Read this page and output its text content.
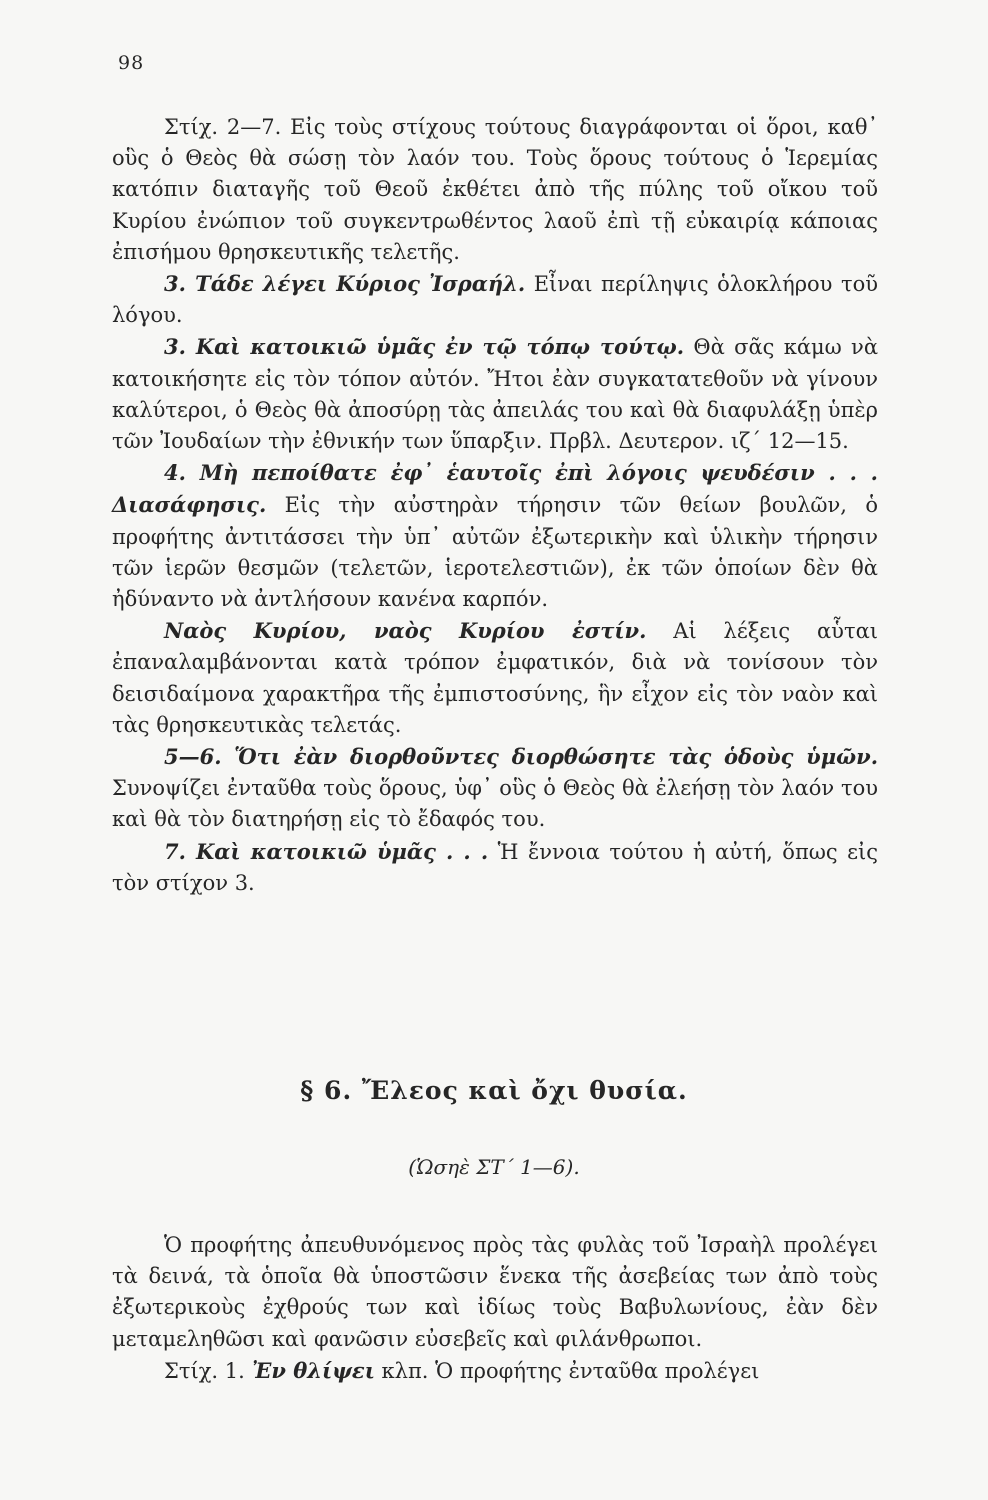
98

Στίχ. 2—7. Εἰς τοὺς στίχους τούτους διαγράφονται οἱ ὅροι, καθ᾽ οὓς ὁ Θεὸς θὰ σώσῃ τὸν λαόν του. Τοὺς ὅρους τούτους ὁ Ἱερεμίας κατόπιν διαταγῆς τοῦ Θεοῦ ἐκθέτει ἀπὸ τῆς πύλης τοῦ οἴκου τοῦ Κυρίου ἐνώπιον τοῦ συγκεντρωθέντος λαοῦ ἐπὶ τῇ εὐκαιρίᾳ κάποιας ἐπισήμου θρησκευτικῆς τελετῆς.

3. Τάδε λέγει Κύριος Ἰσραήλ. Εἶναι περίληψις ὁλοκλήρου τοῦ λόγου.

3. Καὶ κατοικιῶ ὑμᾶς ἐν τῷ τόπῳ τούτῳ. Θὰ σᾶς κάμω νὰ κατοικήσητε εἰς τὸν τόπον αὐτόν. Ἤτοι ἐὰν συγκατατεθοῦν νὰ γίνουν καλύτεροι, ὁ Θεὸς θὰ ἀποσύρῃ τὰς ἀπειλάς του καὶ θὰ διαφυλάξῃ ὑπὲρ τῶν Ἰουδαίων τὴν ἐθνικήν των ὕπαρξιν. Πρβλ. Δευτερον. ιζ´ 12—15.

4. Μὴ πεποίθατε ἐφ᾽ ἑαυτοῖς ἐπὶ λόγοις ψευδέσιν . . . Διασάφησις. Εἰς τὴν αὐστηρὰν τήρησιν τῶν θείων βουλῶν, ὁ προφήτης ἀντιτάσσει τὴν ὑπ᾽ αὐτῶν ἐξωτερικὴν καὶ ὑλικὴν τήρησιν τῶν ἱερῶν θεσμῶν (τελετῶν, ἱεροτελεστιῶν), ἐκ τῶν ὁποίων δὲν θὰ ἠδύναντο νὰ ἀντλήσουν κανένα καρπόν.

Ναὸς Κυρίου, ναὸς Κυρίου ἐστίν. Αἱ λέξεις αὗται ἐπαναλαμβάνονται κατὰ τρόπον ἐμφατικόν, διὰ νὰ τονίσουν τὸν δεισιδαίμονα χαρακτῆρα τῆς ἐμπιστοσύνης, ἣν εἶχον εἰς τὸν ναὸν καὶ τὰς θρησκευτικὰς τελετάς.

5—6. Ὅτι ἐὰν διορθοῦντες διορθώσητε τὰς ὁδοὺς ὑμῶν. Συνοψίζει ἐνταῦθα τοὺς ὅρους, ὑφ᾽ οὓς ὁ Θεὸς θὰ ἐλεήσῃ τὸν λαόν του καὶ θὰ τὸν διατηρήσῃ εἰς τὸ ἔδαφός του.

7. Καὶ κατοικιῶ ὑμᾶς . . . Ἡ ἔννοια τούτου ἡ αὐτή, ὅπως εἰς τὸν στίχον 3.

§ 6. Ἔλεος καὶ ὄχι θυσία.
(Ὡσηὲ ΣΤ´ 1—6).

Ὁ προφήτης ἀπευθυνόμενος πρὸς τὰς φυλὰς τοῦ Ἰσραὴλ προλέγει τὰ δεινά, τὰ ὁποῖα θὰ ὑποστῶσιν ἕνεκα τῆς ἀσεβείας των ἀπὸ τοὺς ἐξωτερικοὺς ἐχθρούς των καὶ ἰδίως τοὺς Βαβυλωνίους, ἐὰν δὲν μεταμεληθῶσι καὶ φανῶσιν εὐσεβεῖς καὶ φιλάνθρωποι.

Στίχ. 1. Ἐν θλίψει κλπ. Ὁ προφήτης ἐνταῦθα προλέγει
